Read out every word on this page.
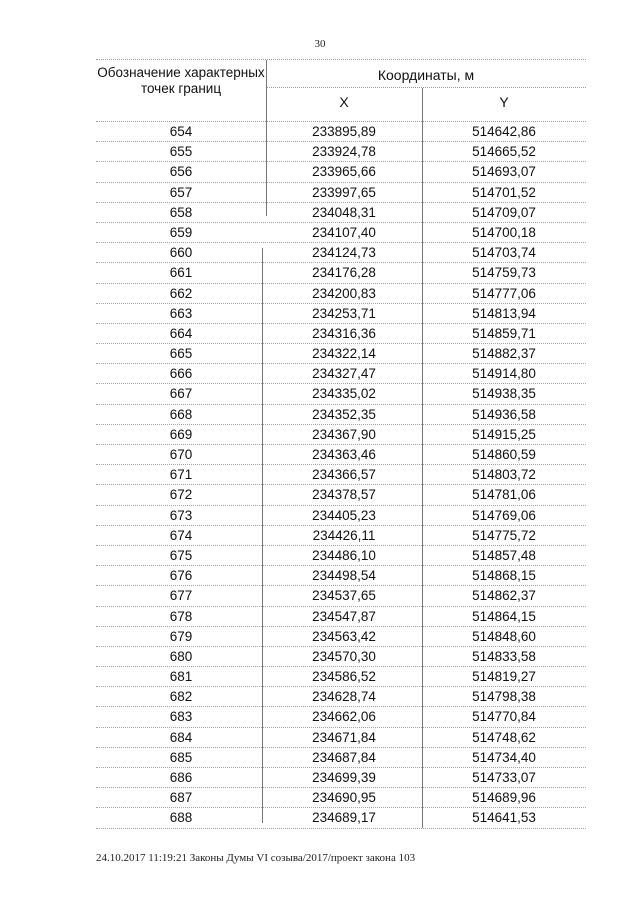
30
Обозначение характерных точек границ
Координаты, м
X	Y
654	233895,89	514642,86
655	233924,78	514665,52
656	233965,66	514693,07
657	233997,65	514701,52
658	234048,31	514709,07
659	234107,40	514700,18
660	234124,73	514703,74
661	234176,28	514759,73
662	234200,83	514777,06
663	234253,71	514813,94
664	234316,36	514859,71
665	234322,14	514882,37
666	234327,47	514914,80
667	234335,02	514938,35
668	234352,35	514936,58
669	234367,90	514915,25
670	234363,46	514860,59
671	234366,57	514803,72
672	234378,57	514781,06
673	234405,23	514769,06
674	234426,11	514775,72
675	234486,10	514857,48
676	234498,54	514868,15
677	234537,65	514862,37
678	234547,87	514864,15
679	234563,42	514848,60
680	234570,30	514833,58
681	234586,52	514819,27
682	234628,74	514798,38
683	234662,06	514770,84
684	234671,84	514748,62
685	234687,84	514734,40
686	234699,39	514733,07
687	234690,95	514689,96
688	234689,17	514641,53
24.10.2017 11:19:21 Законы Думы VI созыва/2017/проект закона 103
